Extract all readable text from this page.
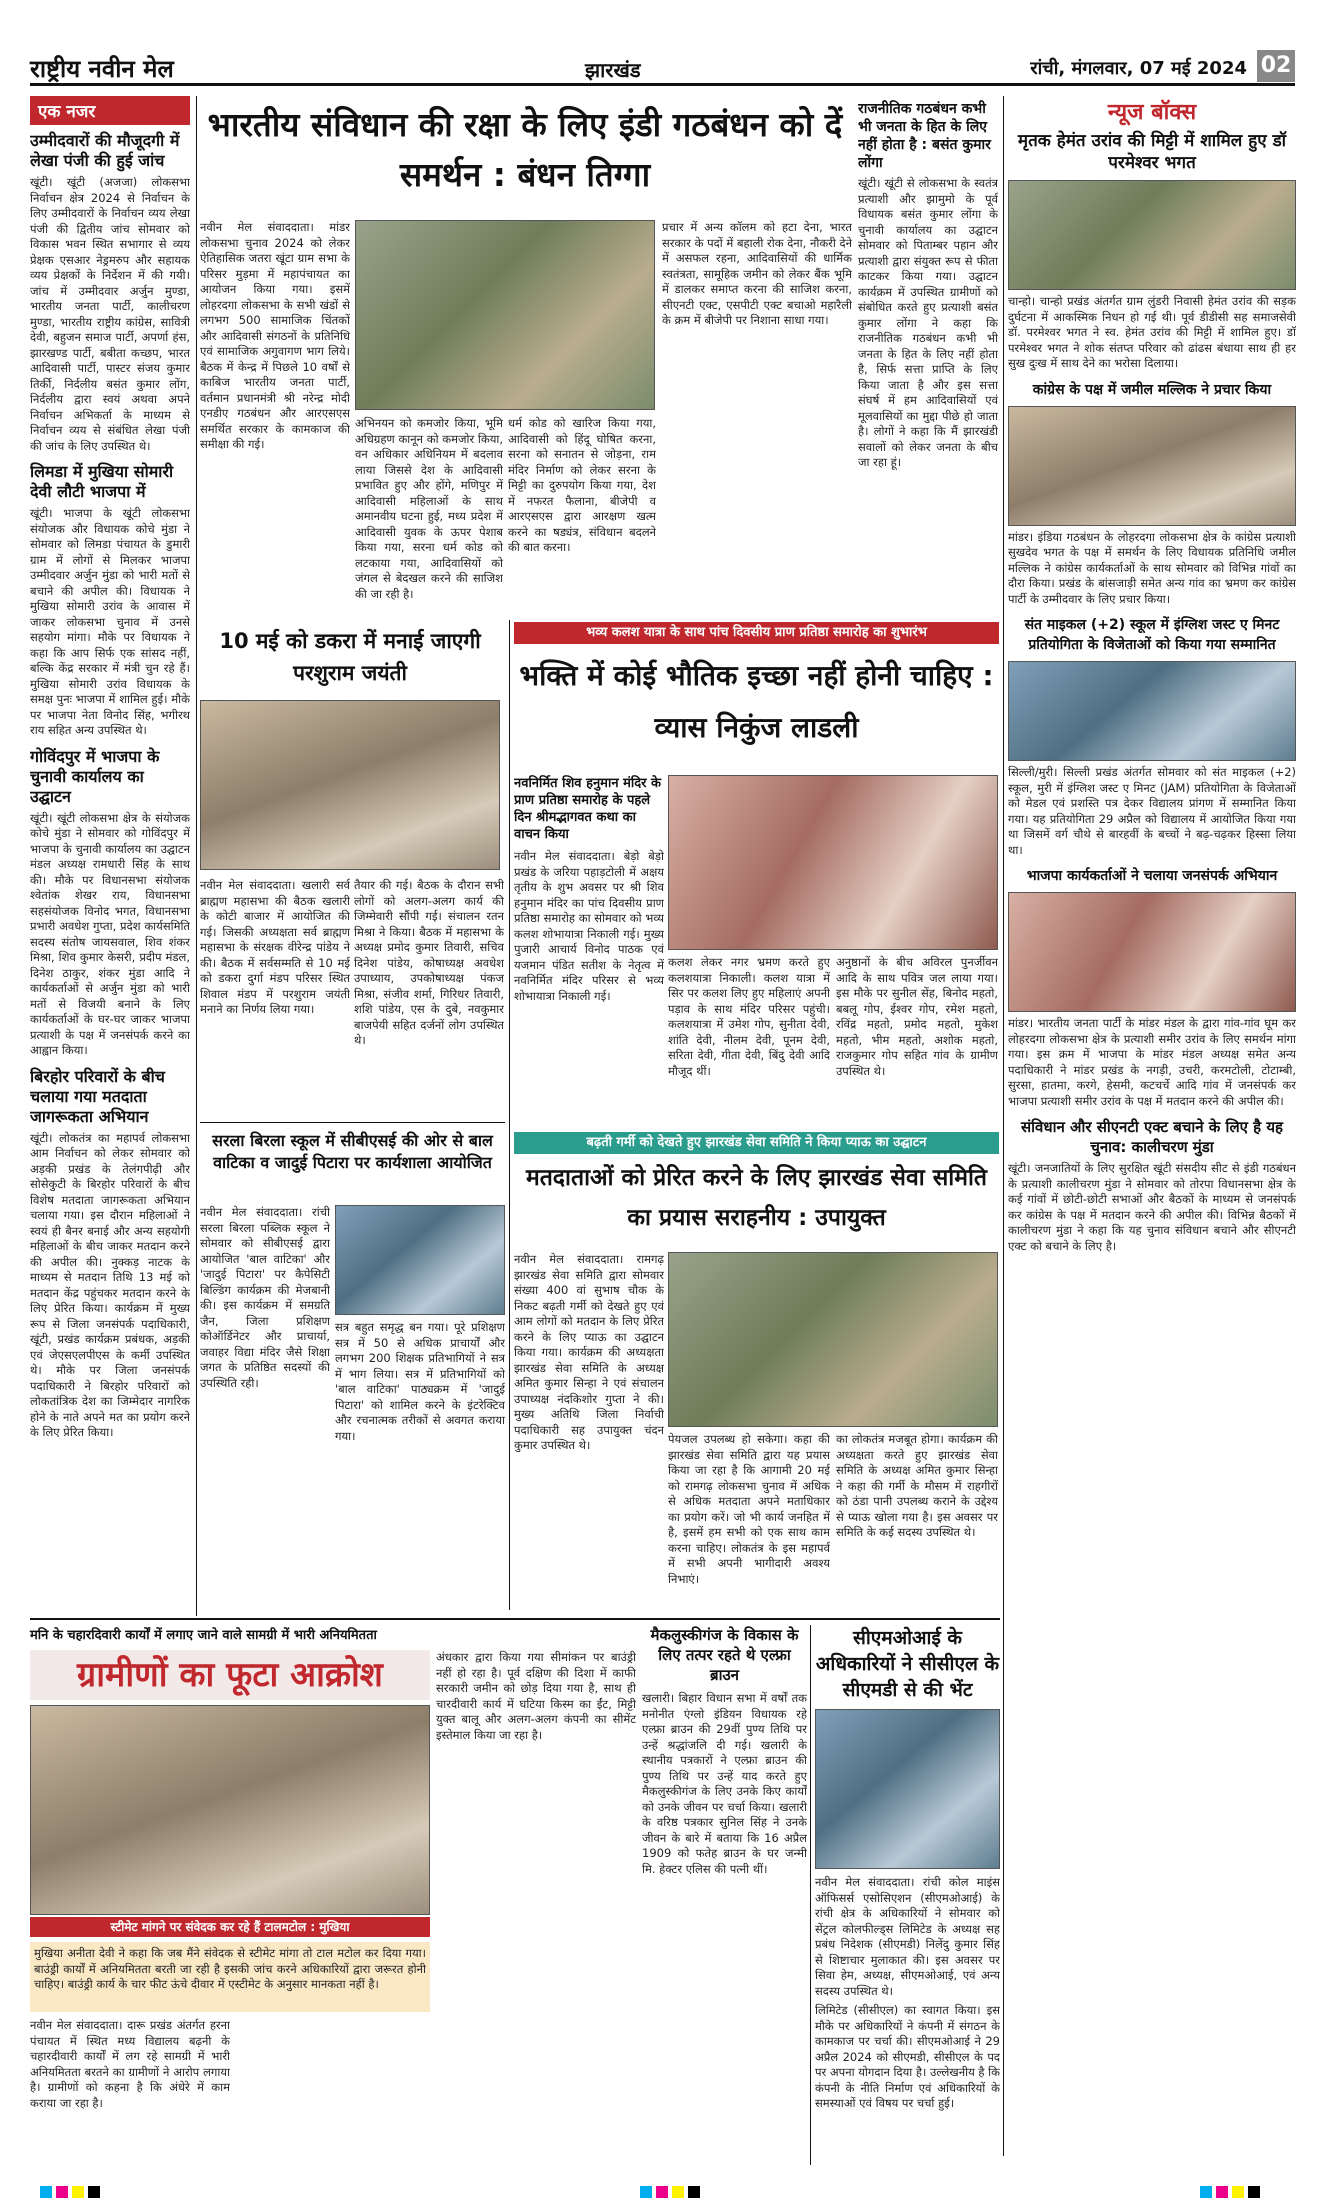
राष्ट्रीय नवीन मेल	झारखंड	रांची, मंगलवार, 07 मई 2024 02
एक नजर
उम्मीदवारों की मौजूदगी में लेखा पंजी की हुई जांच
खूंटी। खूंटी (अजजा) लोकसभा निर्वाचन क्षेत्र 2024 से निर्वाचन के लिए उम्मीदवारों के निर्वाचन व्यय लेखा पंजी की द्वितीय जांच सोमवार को विकास भवन स्थित सभागार से व्यय प्रेक्षक एसआर नेड्रमरुप और सहायक व्यय प्रेक्षकों के निर्देशन में की गयी। जांच में उम्मीदवार अर्जुन मुण्डा, भारतीय जनता पार्टी, कालीचरण मुण्डा, भारतीय राष्ट्रीय कांग्रेस, सावित्री देवी, बहुजन समाज पार्टी, अपर्णा हंस, झारखण्ड पार्टी, बबीता कच्छप, भारत आदिवासी पार्टी, पास्टर संजय कुमार तिर्की, निर्दलीय बसंत कुमार लोंग, निर्दलीय द्वारा स्वयं अथवा अपने निर्वाचन अभिकर्ता के माध्यम से निर्वाचन व्यय से संबंधित लेखा पंजी की जांच के लिए उपस्थित थे।
लिमडा में मुखिया सोमारी देवी लौटी भाजपा में
खूंटी। भाजपा के खूंटी लोकसभा संयोजक और विधायक कोचे मुंडा ने सोमवार को लिमडा पंचायत के डुमारी ग्राम में लोगों से मिलकर भाजपा उम्मीदवार अर्जुन मुंडा को भारी मतों से बचाने की अपील की। विधायक ने मुखिया सोमारी उरांव के आवास में जाकर लोकसभा चुनाव में उनसे सहयोग मांगा। मौके पर विधायक ने कहा कि आप सिर्फ एक सांसद नहीं, बल्कि केंद्र सरकार में मंत्री चुन रहे हैं। मुखिया सोमारी उरांव विधायक के समक्ष पुनः भाजपा में शामिल हुई। मौके पर भाजपा नेता विनोद सिंह, भगीरथ राय सहित अन्य उपस्थित थे।
गोविंदपुर में भाजपा के चुनावी कार्यालय का उद्घाटन
खूंटी। खूंटी लोकसभा क्षेत्र के संयोजक कोचे मुंडा ने सोमवार को गोविंदपुर में भाजपा के चुनावी कार्यालय का उद्घाटन मंडल अध्यक्ष रामधारी सिंह के साथ की। मौके पर विधानसभा संयोजक श्वेतांक शेखर राय, विधानसभा सहसंयोजक विनोद भगत, विधानसभा प्रभारी अवधेश गुप्ता, प्रदेश कार्यसमिति सदस्य संतोष जायसवाल, शिव शंकर मिश्रा, शिव कुमार केसरी, प्रदीप मंडल, दिनेश ठाकुर, शंकर मुंडा आदि ने कार्यकर्ताओं से अर्जुन मुंडा को भारी मतों से विजयी बनाने के लिए कार्यकर्ताओं के घर-घर जाकर भाजपा प्रत्याशी के पक्ष में जनसंपर्क करने का आह्वान किया।
बिरहोर परिवारों के बीच चलाया गया मतदाता जागरूकता अभियान
खूंटी। लोकतंत्र का महापर्व लोकसभा आम निर्वाचन को लेकर सोमवार को अड़की प्रखंड के तेलंगपीढ़ी और सोसेकुटी के बिरहोर परिवारों के बीच विशेष मतदाता जागरूकता अभियान चलाया गया। इस दौरान महिलाओं ने स्वयं ही बैनर बनाई और अन्य सहयोगी महिलाओं के बीच जाकर मतदान करने की अपील की। नुक्कड़ नाटक के माध्यम से मतदान तिथि 13 मई को मतदान केंद्र पहुंचकर मतदान करने के लिए प्रेरित किया। कार्यक्रम में मुख्य रूप से जिला जनसंपर्क पदाधिकारी, खूंटी, प्रखंड कार्यक्रम प्रबंधक, अड़की एवं जेएसएलपीएस के कर्मी उपस्थित थे। मौके पर जिला जनसंपर्क पदाधिकारी ने बिरहोर परिवारों को लोकतांत्रिक देश का जिम्मेदार नागरिक होने के नाते अपने मत का प्रयोग करने के लिए प्रेरित किया।
भारतीय संविधान की रक्षा के लिए इंडी गठबंधन को दें समर्थन : बंधन तिग्गा
नवीन मेल संवाददाता। मांडर लोकसभा चुनाव 2024 को लेकर ऐतिहासिक जतरा खूंटा ग्राम सभा के परिसर मुड़मा में महापंचायत का आयोजन किया गया। इसमें लोहरदगा लोकसभा के सभी खंडों से लगभग 500 सामाजिक चिंतकों और आदिवासी संगठनों के प्रतिनिधि एवं सामाजिक अगुवागण भाग लिये। बैठक में केन्द्र में पिछले 10 वर्षों से काबिज भारतीय जनता पार्टी, वर्तमान प्रधानमंत्री श्री नरेन्द्र मोदी एनडीए गठबंधन और आरएसएस समर्थित सरकार के कामकाज की समीक्षा की गई।
अभिनयन को कमजोर किया, भूमि अधिग्रहण कानून को कमजोर किया, वन अधिकार अधिनियम में बदलाव लाया जिससे देश के आदिवासी प्रभावित हुए और होंगे, मणिपुर में आदिवासी महिलाओं के साथ अमानवीय घटना हुई, मध्य प्रदेश में आदिवासी युवक के ऊपर पेशाब किया गया, सरना धर्म कोड को लटकाया गया, आदिवासियों को जंगल से बेदखल करने की साजिश की जा रही है।
धर्म कोड को खारिज किया गया, आदिवासी को हिंदू घोषित करना, सरना को सनातन से जोड़ना, राम मंदिर निर्माण को लेकर सरना के मिट्टी का दुरुपयोग किया गया, देश में नफरत फैलाना, बीजेपी व आरएसएस द्वारा आरक्षण खत्म करने का षड्यंत्र, संविधान बदलने की बात करना।
प्रचार में अन्य कॉलम को हटा देना, भारत सरकार के पदों में बहाली रोक देना, नौकरी देने में असफल रहना, आदिवासियों की धार्मिक स्वतंत्रता, सामूहिक जमीन को लेकर बैंक भूमि में डालकर समाप्त करना की साजिश करना, सीएनटी एक्ट, एसपीटी एक्ट बचाओ महारैली के क्रम में बीजेपी पर निशाना साधा गया।
राजनीतिक गठबंधन कभी भी जनता के हित के लिए नहीं होता है : बसंत कुमार लोंगा
खूंटी। खूंटी से लोकसभा के स्वतंत्र प्रत्याशी और झामुमो के पूर्व विधायक बसंत कुमार लोंगा के चुनावी कार्यालय का उद्घाटन सोमवार को पिताम्बर पहान और प्रत्याशी द्वारा संयुक्त रूप से फीता काटकर किया गया। उद्घाटन कार्यक्रम में उपस्थित ग्रामीणों को संबोधित करते हुए प्रत्याशी बसंत कुमार लोंगा ने कहा कि राजनीतिक गठबंधन कभी भी जनता के हित के लिए नहीं होता है, सिर्फ सत्ता प्राप्ति के लिए किया जाता है और इस सत्ता संघर्ष में हम आदिवासियों एवं मूलवासियों का मुद्दा पीछे हो जाता है। लोगों ने कहा कि मैं झारखंडी सवालों को लेकर जनता के बीच जा रहा हूं।
न्यूज बॉक्स
मृतक हेमंत उरांव की मिट्टी में शामिल हुए डॉ परमेश्वर भगत
चान्हो। चान्हो प्रखंड अंतर्गत ग्राम लुंडरी निवासी हेमंत उरांव की सड़क दुर्घटना में आकस्मिक निधन हो गई थी। पूर्व डीडीसी सह समाजसेवी डॉ. परमेश्वर भगत ने स्व. हेमंत उरांव की मिट्टी में शामिल हुए। डॉ परमेश्वर भगत ने शोक संतप्त परिवार को ढांढस बंधाया साथ ही हर सुख दुःख में साथ देने का भरोसा दिलाया।
कांग्रेस के पक्ष में जमील मल्लिक ने प्रचार किया
मांडर। इंडिया गठबंधन के लोहरदगा लोकसभा क्षेत्र के कांग्रेस प्रत्याशी सुखदेव भगत के पक्ष में समर्थन के लिए विधायक प्रतिनिधि जमील मल्लिक ने कांग्रेस कार्यकर्ताओं के साथ सोमवार को विभिन्न गांवों का दौरा किया। प्रखंड के बांसजाड़ी समेत अन्य गांव का भ्रमण कर कांग्रेस पार्टी के उम्मीदवार के लिए प्रचार किया।
संत माइकल (+2) स्कूल में इंग्लिश जस्ट ए मिनट प्रतियोगिता के विजेताओं को किया गया सम्मानित
सिल्ली/मुरी। सिल्ली प्रखंड अंतर्गत सोमवार को संत माइकल (+2) स्कूल, मुरी में इंग्लिश जस्ट ए मिनट (JAM) प्रतियोगिता के विजेताओं को मेडल एवं प्रशस्ति पत्र देकर विद्यालय प्रांगण में सम्मानित किया गया। यह प्रतियोगिता 29 अप्रैल को विद्यालय में आयोजित किया गया था जिसमें वर्ग चौथे से बारहवीं के बच्चों ने बढ़-चढ़कर हिस्सा लिया था।
भाजपा कार्यकर्ताओं ने चलाया जनसंपर्क अभियान
मांडर। भारतीय जनता पार्टी के मांडर मंडल के द्वारा गांव-गांव घूम कर लोहरदगा लोकसभा क्षेत्र के प्रत्याशी समीर उरांव के लिए समर्थन मांगा गया। इस क्रम में भाजपा के मांडर मंडल अध्यक्ष समेत अन्य पदाधिकारी ने मांडर प्रखंड के नगड़ी, उचरी, करमटोली, टोटाम्बी, सुरसा, हातमा, करगे, हेसमी, कटचर्चे आदि गांव में जनसंपर्क कर भाजपा प्रत्याशी समीर उरांव के पक्ष में मतदान करने की अपील की।
संविधान और सीएनटी एक्ट बचाने के लिए है यह चुनाव: कालीचरण मुंडा
खूंटी। जनजातियों के लिए सुरक्षित खूंटी संसदीय सीट से इंडी गठबंधन के प्रत्याशी कालीचरण मुंडा ने सोमवार को तोरपा विधानसभा क्षेत्र के कई गांवों में छोटी-छोटी सभाओं और बैठकों के माध्यम से जनसंपर्क कर कांग्रेस के पक्ष में मतदान करने की अपील की। विभिन्न बैठकों में कालीचरण मुंडा ने कहा कि यह चुनाव संविधान बचाने और सीएनटी एक्ट को बचाने के लिए है।
10 मई को डकरा में मनाई जाएगी परशुराम जयंती
नवीन मेल संवाददाता। खलारी सर्व ब्राह्मण महासभा की बैठक खलारी के कोटी बाजार में आयोजित की गई। जिसकी अध्यक्षता सर्व ब्राह्मण महासभा के संरक्षक वीरेन्द्र पांडेय ने की। बैठक में सर्वसम्मति से 10 मई को डकरा दुर्गा मंडप परिसर स्थित शिवाल मंडप में परशुराम जयंती मनाने का निर्णय लिया गया।
तैयार की गई। बैठक के दौरान सभी लोगों को अलग-अलग कार्य की जिम्मेवारी सौंपी गई। संचालन रतन मिश्रा ने किया। बैठक में महासभा के अध्यक्ष प्रमोद कुमार तिवारी, सचिव दिनेश पांडेय, कोषाध्यक्ष अवधेश उपाध्याय, उपकोषाध्यक्ष पंकज मिश्रा, संजीव शर्मा, गिरिधर तिवारी, शशि पांडेय, एस के दुबे, नवकुमार बाजपेयी सहित दर्जनों लोग उपस्थित थे।
सरला बिरला स्कूल में सीबीएसई की ओर से बाल वाटिका व जादुई पिटारा पर कार्यशाला आयोजित
नवीन मेल संवाददाता। रांची सरला बिरला पब्लिक स्कूल ने सोमवार को सीबीएसई द्वारा आयोजित 'बाल वाटिका' और 'जादुई पिटारा' पर कैपेसिटी बिल्डिंग कार्यक्रम की मेजबानी की। इस कार्यक्रम में समग्रति जैन, जिला प्रशिक्षण कोऑर्डिनेटर और प्राचार्या, जवाहर विद्या मंदिर जैसे शिक्षा जगत के प्रतिष्ठित सदस्यों की उपस्थिति रही।
सत्र बहुत समृद्ध बन गया। पूरे प्रशिक्षण सत्र में 50 से अधिक प्राचार्यों और लगभग 200 शिक्षक प्रतिभागियों ने सत्र में भाग लिया। सत्र में प्रतिभागियों को 'बाल वाटिका' पाठ्यक्रम में 'जादुई पिटारा' को शामिल करने के इंटरेक्टिव और रचनात्मक तरीकों से अवगत कराया गया।
भव्य कलश यात्रा के साथ पांच दिवसीय प्राण प्रतिष्ठा समारोह का शुभारंभ
भक्ति में कोई भौतिक इच्छा नहीं होनी चाहिए : व्यास निकुंज लाडली
नवनिर्मित शिव हनुमान मंदिर के प्राण प्रतिष्ठा समारोह के पहले दिन श्रीमद्भागवत कथा का वाचन किया
नवीन मेल संवाददाता। बेड़ो बेड़ो प्रखंड के जरिया पहाड़टोली में अक्षय तृतीय के शुभ अवसर पर श्री शिव हनुमान मंदिर का पांच दिवसीय प्राण प्रतिष्ठा समारोह का सोमवार को भव्य कलश शोभायात्रा निकाली गई। मुख्य पुजारी आचार्य विनोद पाठक एवं यजमान पंडित सतीश के नेतृत्व में नवनिर्मित मंदिर परिसर से भव्य शोभायात्रा निकाली गई।
कलश लेकर नगर भ्रमण करते हुए कलशयात्रा निकाली। कलश यात्रा में सिर पर कलश लिए हुए महिलाएं अपनी पड़ाव के साथ मंदिर परिसर पहुंची। कलशयात्रा में उमेश गोप, सुनीता देवी, शांति देवी, नीलम देवी, पूनम देवी, सरिता देवी, गीता देवी, बिंदु देवी आदि मौजूद थीं।
अनुष्ठानों के बीच अविरल पुनर्जीवन आदि के साथ पवित्र जल लाया गया। इस मौके पर सुनील सेंह, बिनोद महतो, बबलू गोप, ईश्वर गोप, रमेश महतो, रविंद्र महतो, प्रमोद महतो, मुकेश महतो, भीम महतो, अशोक महतो, राजकुमार गोप सहित गांव के ग्रामीण उपस्थित थे।
बढ़ती गर्मी को देखते हुए झारखंड सेवा समिति ने किया प्याऊ का उद्घाटन
मतदाताओं को प्रेरित करने के लिए झारखंड सेवा समिति का प्रयास सराहनीय : उपायुक्त
नवीन मेल संवाददाता। रामगढ़ झारखंड सेवा समिति द्वारा सोमवार संख्या 400 वां सुभाष चौक के निकट बढ़ती गर्मी को देखते हुए एवं आम लोगों को मतदान के लिए प्रेरित करने के लिए प्याऊ का उद्घाटन किया गया। कार्यक्रम की अध्यक्षता झारखंड सेवा समिति के अध्यक्ष अमित कुमार सिन्हा ने एवं संचालन उपाध्यक्ष नंदकिशोर गुप्ता ने की। मुख्य अतिथि जिला निर्वाची पदाधिकारी सह उपायुक्त चंदन कुमार उपस्थित थे।	पेयजल उपलब्ध हो सकेगा। कहा की झारखंड सेवा समिति द्वारा यह प्रयास किया जा रहा है कि आगामी 20 मई को रामगढ़ लोकसभा चुनाव में अधिक से अधिक मतदाता अपने मताधिकार का प्रयोग करें। जो भी कार्य जनहित में है, इसमें हम सभी को एक साथ काम करना चाहिए। लोकतंत्र के इस महापर्व में सभी अपनी भागीदारी अवश्य निभाएं।
का लोकतंत्र मजबूत होगा। कार्यक्रम की अध्यक्षता करते हुए झारखंड सेवा समिति के अध्यक्ष अमित कुमार सिन्हा ने कहा की गर्मी के मौसम में राहगीरों को ठंडा पानी उपलब्ध कराने के उद्देश्य से प्याऊ खोला गया है। इस अवसर पर समिति के कई सदस्य उपस्थित थे।
मनि के चहारदिवारी कार्यों में लगाए जाने वाले सामग्री में भारी अनियमितता
ग्रामीणों का फूटा आक्रोश
स्टीमेट मांगने पर संवेदक कर रहे हैं टालमटोल : मुखिया
मुखिया अनीता देवी ने कहा कि जब मैंने संवेदक से स्टीमेट मांगा तो टाल मटोल कर दिया गया। बाउंड्री कार्यों में अनियमितता बरती जा रही है इसकी जांच करने अधिकारियों द्वारा जरूरत होनी चाहिए। बाउंड्री कार्य के चार फीट ऊंचे दीवार में एस्टीमेट के अनुसार मानकता नहीं है।
नवीन मेल संवाददाता। दारू प्रखंड अंतर्गत हरना पंचायत में स्थित मध्य विद्यालय बढ़नी के चहारदीवारी कार्यों में लग रहे सामग्री में भारी अनियमितता बरतने का ग्रामीणों ने आरोप लगाया है। ग्रामीणों को कहना है कि अंधेरे में काम कराया जा रहा है।
अंधकार द्वारा किया गया सीमांकन पर बाउंड्री नहीं हो रहा है। पूर्व दक्षिण की दिशा में काफी सरकारी जमीन को छोड़ दिया गया है, साथ ही चारदीवारी कार्य में घटिया किस्म का ईंट, मिट्टी युक्त बालू और अलग-अलग कंपनी का सीमेंट इस्तेमाल किया जा रहा है।
मैकलुस्कीगंज के विकास के लिए तत्पर रहते थे एल्फ्रा ब्राउन
खलारी। बिहार विधान सभा में वर्षों तक मनोनीत एंग्लो इंडियन विधायक रहे एल्फ्रा ब्राउन की 29वीं पुण्य तिथि पर उन्हें श्रद्धांजलि दी गई। खलारी के स्थानीय पत्रकारों ने एल्फ्रा ब्राउन की पुण्य तिथि पर उन्हें याद करते हुए मैकलुस्कीगंज के लिए उनके किए कार्यों को उनके जीवन पर चर्चा किया। खलारी के वरिष्ठ पत्रकार सुनिल सिंह ने उनके जीवन के बारे में बताया कि 16 अप्रैल 1909 को फतेह ब्राउन के घर जन्मी मि. हेक्टर एलिस की पत्नी थीं।
सीएमओआई के अधिकारियों ने सीसीएल के सीएमडी से की भेंट
नवीन मेल संवाददाता। रांची कोल माइंस ऑफिसर्स एसोसिएशन (सीएमओआई) के रांची क्षेत्र के अधिकारियों ने सोमवार को सेंट्रल कोलफील्ड्स लिमिटेड के अध्यक्ष सह प्रबंध निदेशक (सीएमडी) निलेंदु कुमार सिंह से शिष्टाचार मुलाकात की। इस अवसर पर सिवा हेम, अध्यक्ष, सीएमओआई, एवं अन्य सदस्य उपस्थित थे।
लिमिटेड (सीसीएल) का स्वागत किया। इस मौके पर अधिकारियों ने कंपनी में संगठन के कामकाज पर चर्चा की। सीएमओआई ने 29 अप्रैल 2024 को सीएमडी, सीसीएल के पद पर अपना योगदान दिया है। उल्लेखनीय है कि कंपनी के नीति निर्माण एवं अधिकारियों के समस्याओं एवं विषय पर चर्चा हुई।
